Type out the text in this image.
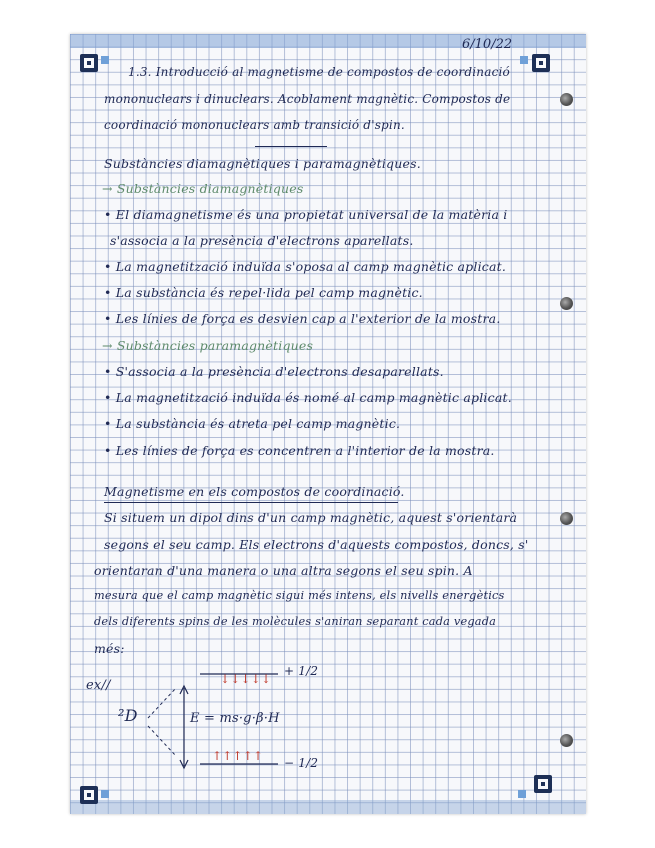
6/10/22
1.3. Introducció al magnetisme de compostos de coordinació
mononuclears i dinuclears. Acoblament magnètic. Compostos de
coordinació mononuclears amb transició d'spin.
Substàncies diamagnètiques i paramagnètiques.
→ Substàncies diamagnètiques
• El diamagnetisme és una propietat universal de la matèria i
s'associa a la presència d'electrons aparellats.
• La magnetització induïda s'oposa al camp magnètic aplicat.
• La substància és repel·lida pel camp magnètic.
• Les línies de força es desvien cap a l'exterior de la mostra.
→ Substàncies paramagnètiques
• S'associa a la presència d'electrons desaparellats.
• La magnetització induïda és nomé al camp magnètic aplicat.
• La substància és atreta pel camp magnètic.
• Les línies de força es concentren a l'interior de la mostra.
Magnetisme en els compostos de coordinació.
Si situem un dipol dins d'un camp magnètic, aquest s'orientarà
segons el seu camp. Els electrons d'aquests compostos, doncs, s'
orientaran d'una manera o una altra segons el seu spin. A
mesura que el camp magnètic sigui més intens, els nivells energètics
dels diferents spins de les molècules s'aniran separant cada vegada
més:
ex//
²D
↓↓↓↓↓
↑↑↑↑↑
+ 1/2
− 1/2
E = ms·g·β·H
